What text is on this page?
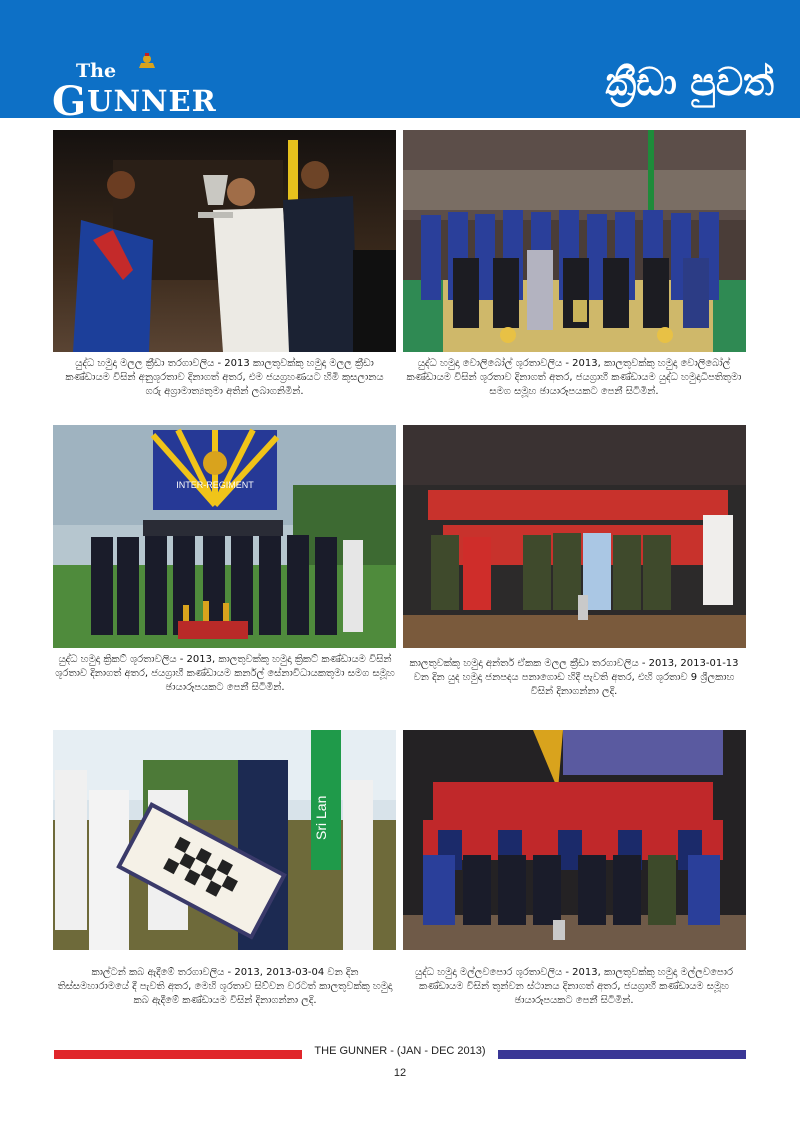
The
GUNNER	ක්‍රීඩා පුවත්
යුද්ධ හමුදා මලල ක්‍රීඩා තරගාවලිය - 2013 කාලතුවක්කු හමුදා මලල ක්‍රීඩා කණ්ඩායම විසින් අනුශූරතාව දිනාගත් අතර, එම ජයග්‍රහණයට හිමි කුසලානය ගරු අග්‍රාමාත්‍යතුමා අතින් ලබාගනිමින්.
යුද්ධ හමුදා වොලිබෝල් ශූරතාවලිය - 2013, කාලතුවක්කු හමුදා වොලිබෝල් කණ්ඩායම විසින් ශූරතාව දිනාගත් අතර, ජයග්‍රාහී කණ්ඩායම යුද්ධ හමුදාධිපතිතුමා සමග සමූහ ඡායාරූපයකට පෙනී සිටිමින්.
INTER-REGIMENT
යුද්ධ හමුදා ක්‍රිකට් ශූරතාවලිය - 2013, කාලතුවක්කු හමුදා ක්‍රිකට් කණ්ඩායම විසින් ශූරතාව දිනාගත් අතර, ජයග්‍රාහී කණ්ඩායම කර්නල් සේනාවිධායකතුමා සමග සමූහ ඡායාරූපයකට පෙනී සිටිමින්.
කාලතුවක්කු හමුදා අන්තර් ඒකක මලල ක්‍රීඩා තරගාවලිය - 2013, 2013-01-13 වන දින යුද හමුදා ජනපදය පනාගොඩ හිදී පැවති අතර, එහි ශූරතාව 9 ශ්‍රීලකාහ විසින් දිනාගන්නා ලදි.
Sri Lan
කාල්ටන් කබ ඇදීමේ තරගාවලිය - 2013, 2013-03-04 වන දින තිස්සමහාරාමයේ දී පැවති අතර, මෙහි ශූරතාව සිව්වන වරටත් කාලතුවක්කු හමුදා කබ ඇදීමේ කණ්ඩායම විසින් දිනාගන්නා ලදි.
යුද්ධ හමුදා මල්ලවපොර ශූරතාවලිය - 2013, කාලතුවක්කු හමුදා මල්ලවපොර කණ්ඩායම විසින් තුන්වන ස්ථානය දිනාගත් අතර, ජයග්‍රාහී කණ්ඩායම සමූහ ඡායාරූපයකට පෙනී සිටිමින්.
THE GUNNER - (JAN - DEC 2013)
12
